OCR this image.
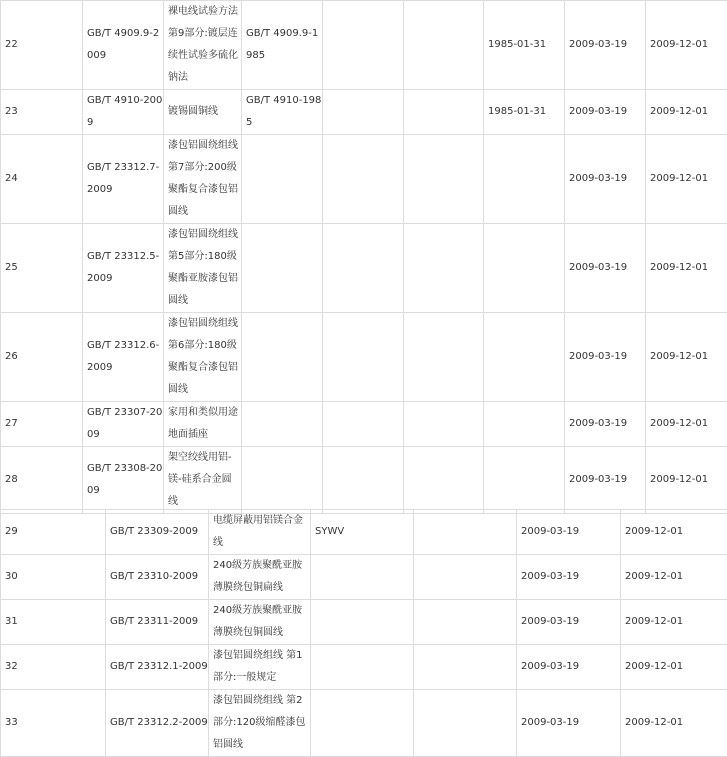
22	GB/T 4909.9-2009	裸电线试验方法 第9部分:镀层连续性试验多硫化钠法	GB/T 4909.9-1985			1985-01-31	2009-03-19	2009-12-01
23	GB/T 4910-2009	镀锡圆铜线	GB/T 4910-1985			1985-01-31	2009-03-19	2009-12-01
24	GB/T 23312.7-2009	漆包铝圆绕组线 第7部分:200级聚酯复合漆包铝圆线					2009-03-19	2009-12-01
25	GB/T 23312.5-2009	漆包铝圆绕组线 第5部分:180级聚酯亚胺漆包铝圆线					2009-03-19	2009-12-01
26	GB/T 23312.6-2009	漆包铝圆绕组线 第6部分:180级聚酯复合漆包铝圆线					2009-03-19	2009-12-01
27	GB/T 23307-2009	家用和类似用途地面插座					2009-03-19	2009-12-01
28	GB/T 23308-2009	架空绞线用铝-镁-硅系合金圆线					2009-03-19	2009-12-01
29	GB/T 23309-2009	电缆屏蔽用铝镁合金线	SYWV		2009-03-19	2009-12-01
30	GB/T 23310-2009	240级芳族聚酰亚胺薄膜绕包铜扁线			2009-03-19	2009-12-01
31	GB/T 23311-2009	240级芳族聚酰亚胺薄膜绕包铜圆线			2009-03-19	2009-12-01
32	GB/T 23312.1-2009	漆包铝圆绕组线 第1部分:一般规定			2009-03-19	2009-12-01
33	GB/T 23312.2-2009	漆包铝圆绕组线 第2部分:120级缩醛漆包铝圆线			2009-03-19	2009-12-01
